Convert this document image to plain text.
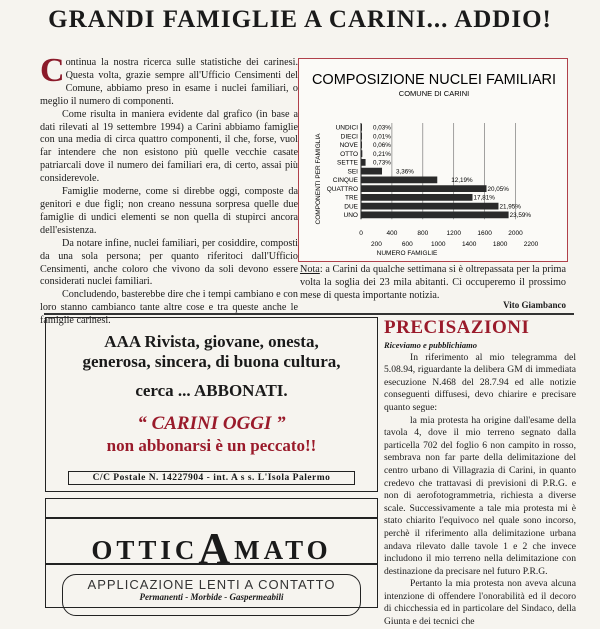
GRANDI FAMIGLIE A CARINI... ADDIO!

Continua la nostra ricerca sulle statistiche dei carinesi. Questa volta, grazie sempre all'Ufficio Censimenti del Comune, abbiamo preso in esame i nuclei familiari, o meglio il numero di componenti.

Come risulta in maniera evidente dal grafico (in base a dati rilevati al 19 settembre 1994) a Carini abbiamo famiglie con una media di circa quattro componenti, il che, forse, vuol far intendere che non esistono più quelle vecchie casate patriarcali dove il numero dei familiari era, di certo, assai più considerevole.

Famiglie moderne, come si direbbe oggi, composte da genitori e due figli; non creano nessuna sorpresa quelle due famiglie di undici elementi se non quella di stupirci ancora dell'esistenza.

Da notare infine, nuclei familiari, per cosiddire, composti da una sola persona; per quanto riferitoci dall'Ufficio Censimenti, anche coloro che vivono da soli devono essere considerati nuclei familiari.

Concludendo, basterebbe dire che i tempi cambiano e con loro stanno cambianco tante altre cose e tra queste anche le famiglie carinesi.

COMPOSIZIONE NUCLEI FAMILIARI
COMUNE DI CARINI
COMPONENTI PER FAMIGLIA
NUMERO FAMIGLIE
0
200
400
600
800
1000
1200
1400
1600
1800
2000
2200
UNDICI 0,03%
DIECI 0,01%
NOVE 0,06%
OTTO 0,21%
SETTE 0,73%
SEI	3,36%
CINQUE	12,19%
QUATTRO	20,05%
TRE	17,81%
DUE	21,95%
UNO	23,59%
Nota: a Carini da qualche settimana si è oltrepassata per la prima volta la soglia dei 23 mila abitanti. Ci occuperemo il prossimo mese di questa importante notizia.
Vito Giambanco
AAA Rivista, giovane, onesta,
generosa, sincera, di buona cultura,
cerca ... ABBONATI.
“ CARINI OGGI ”
non abbonarsi è un peccato!!
C/C Postale N. 14227904 - int. A s s. L'Isola Palermo
PRECISAZIONI
Riceviamo e pubblichiamo

In riferimento al mio telegramma del 5.08.94, riguardante la delibera GM di immediata esecuzione N.468 del 28.7.94 ed alle notizie conseguenti diffusesi, devo chiarire e precisare quanto segue:

la mia protesta ha origine dall'esame della tavola 4, dove il mio terreno segnato dalla particella 702 del foglio 6 non campito in rosso, sembrava non far parte della delimitazione del centro urbano di Villagrazia di Carini, in quanto credevo che trattavasi di previsioni di P.R.G. e non di aerofotogrammetria, richiesta a diverse scale. Successivamente a tale mia protesta mi è stato chiarito l'equivoco nel quale sono incorso, perchè il riferimento alla delimitazione urbana andava rilevato dalle tavole 1 e 2 che invece includono il mio terreno nella delimitazione con destinazione da precisare nel futuro P.R.G.

Pertanto la mia protesta non aveva alcuna intenzione di offendere l'onorabilità ed il decoro di chicchessia ed in particolare del Sindaco, della Giunta e dei tecnici che

OTTICAMATO
APPLICAZIONE LENTI A CONTATTO
Permanenti - Morbide - Gaspermeabili
